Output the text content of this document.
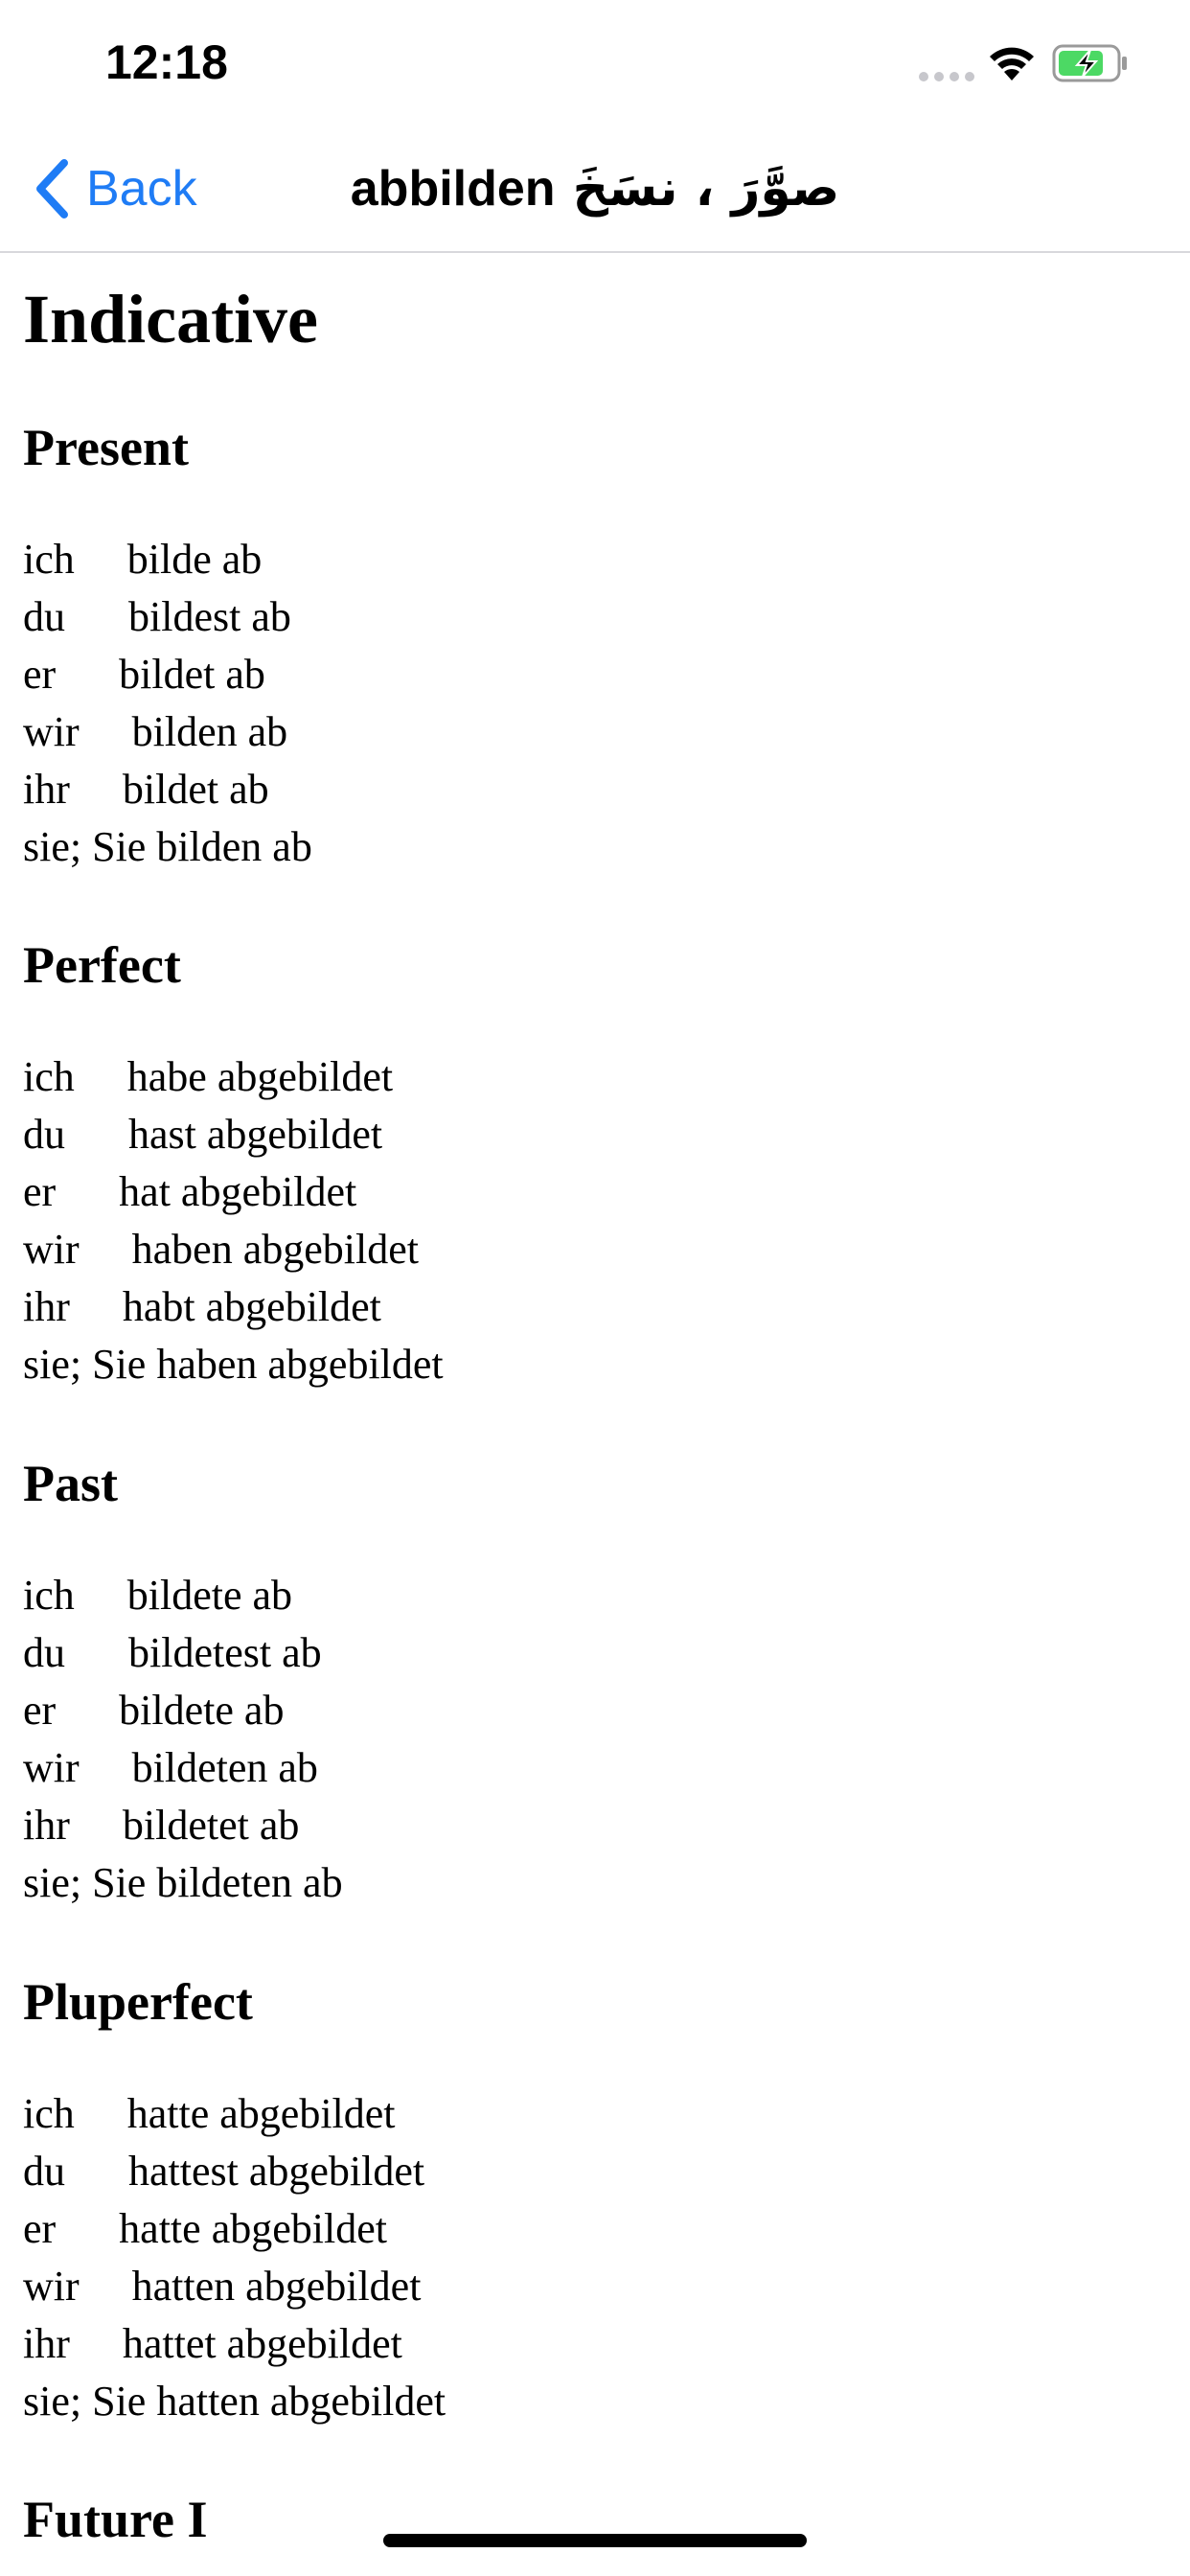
12:18
Back	abbilden صوَّرَ ، نسَخَ
Indicative
Present
ich     bilde ab
du      bildest ab
er      bildet ab
wir     bilden ab
ihr     bildet ab
sie; Sie bilden ab
Perfect
ich     habe abgebildet
du      hast abgebildet
er      hat abgebildet
wir     haben abgebildet
ihr     habt abgebildet
sie; Sie haben abgebildet
Past
ich     bildete ab
du      bildetest ab
er      bildete ab
wir     bildeten ab
ihr     bildetet ab
sie; Sie bildeten ab
Pluperfect
ich     hatte abgebildet
du      hattest abgebildet
er      hatte abgebildet
wir     hatten abgebildet
ihr     hattet abgebildet
sie; Sie hatten abgebildet
Future I
